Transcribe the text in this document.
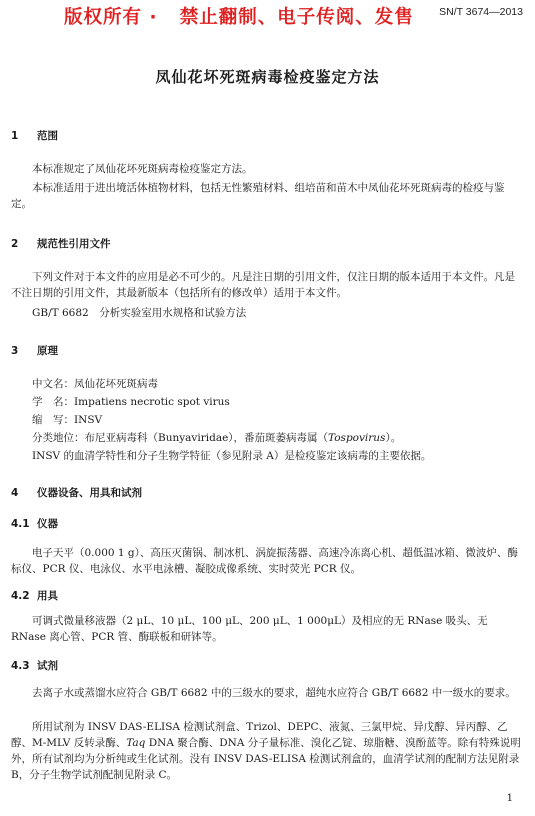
SN/T 3674—2013
版权所有 ·   禁止翻制、电子传阅、发售
凤仙花坏死斑病毒检疫鉴定方法
1 范围
本标准规定了凤仙花坏死斑病毒检疫鉴定方法。
本标准适用于进出境活体植物材料，包括无性繁殖材料、组培苗和苗木中凤仙花坏死斑病毒的检疫与鉴定。
2 规范性引用文件
下列文件对于本文件的应用是必不可少的。凡是注日期的引用文件，仅注日期的版本适用于本文件。凡是不注日期的引用文件，其最新版本（包括所有的修改单）适用于本文件。
GB/T 6682　分析实验室用水规格和试验方法
3 原理
中文名：凤仙花坏死斑病毒
学　名：Impatiens necrotic spot virus
缩　写：INSV
分类地位：布尼亚病毒科（Bunyaviridae），番茄斑萎病毒属（Tospovirus）。
INSV 的血清学特性和分子生物学特征（参见附录 A）是检疫鉴定该病毒的主要依据。
4 仪器设备、用具和试剂
4.1 仪器
电子天平（0.000 1 g）、高压灭菌锅、制冰机、涡旋振荡器、高速冷冻离心机、超低温冰箱、微波炉、酶标仪、PCR 仪、电泳仪、水平电泳槽、凝胶成像系统、实时荧光 PCR 仪。
4.2 用具
可调式微量移液器（2 μL、10 μL、100 μL、200 μL、1 000μL）及相应的无 RNase 吸头、无 RNase 离心管、PCR 管、酶联板和研钵等。
4.3 试剂
去离子水或蒸馏水应符合 GB/T 6682 中的三级水的要求，超纯水应符合 GB/T 6682 中一级水的要求。
所用试剂为 INSV DAS-ELISA 检测试剂盒、Trizol、DEPC、液氮、三氯甲烷、异戊醇、异丙醇、乙醇、M-MLV 反转录酶、Taq DNA 聚合酶、DNA 分子量标准、溴化乙锭、琼脂糖、溴酚蓝等。除有特殊说明外，所有试剂均为分析纯或生化试剂。没有 INSV DAS-ELISA 检测试剂盒的，血清学试剂的配制方法见附录 B，分子生物学试剂配制见附录 C。
1
